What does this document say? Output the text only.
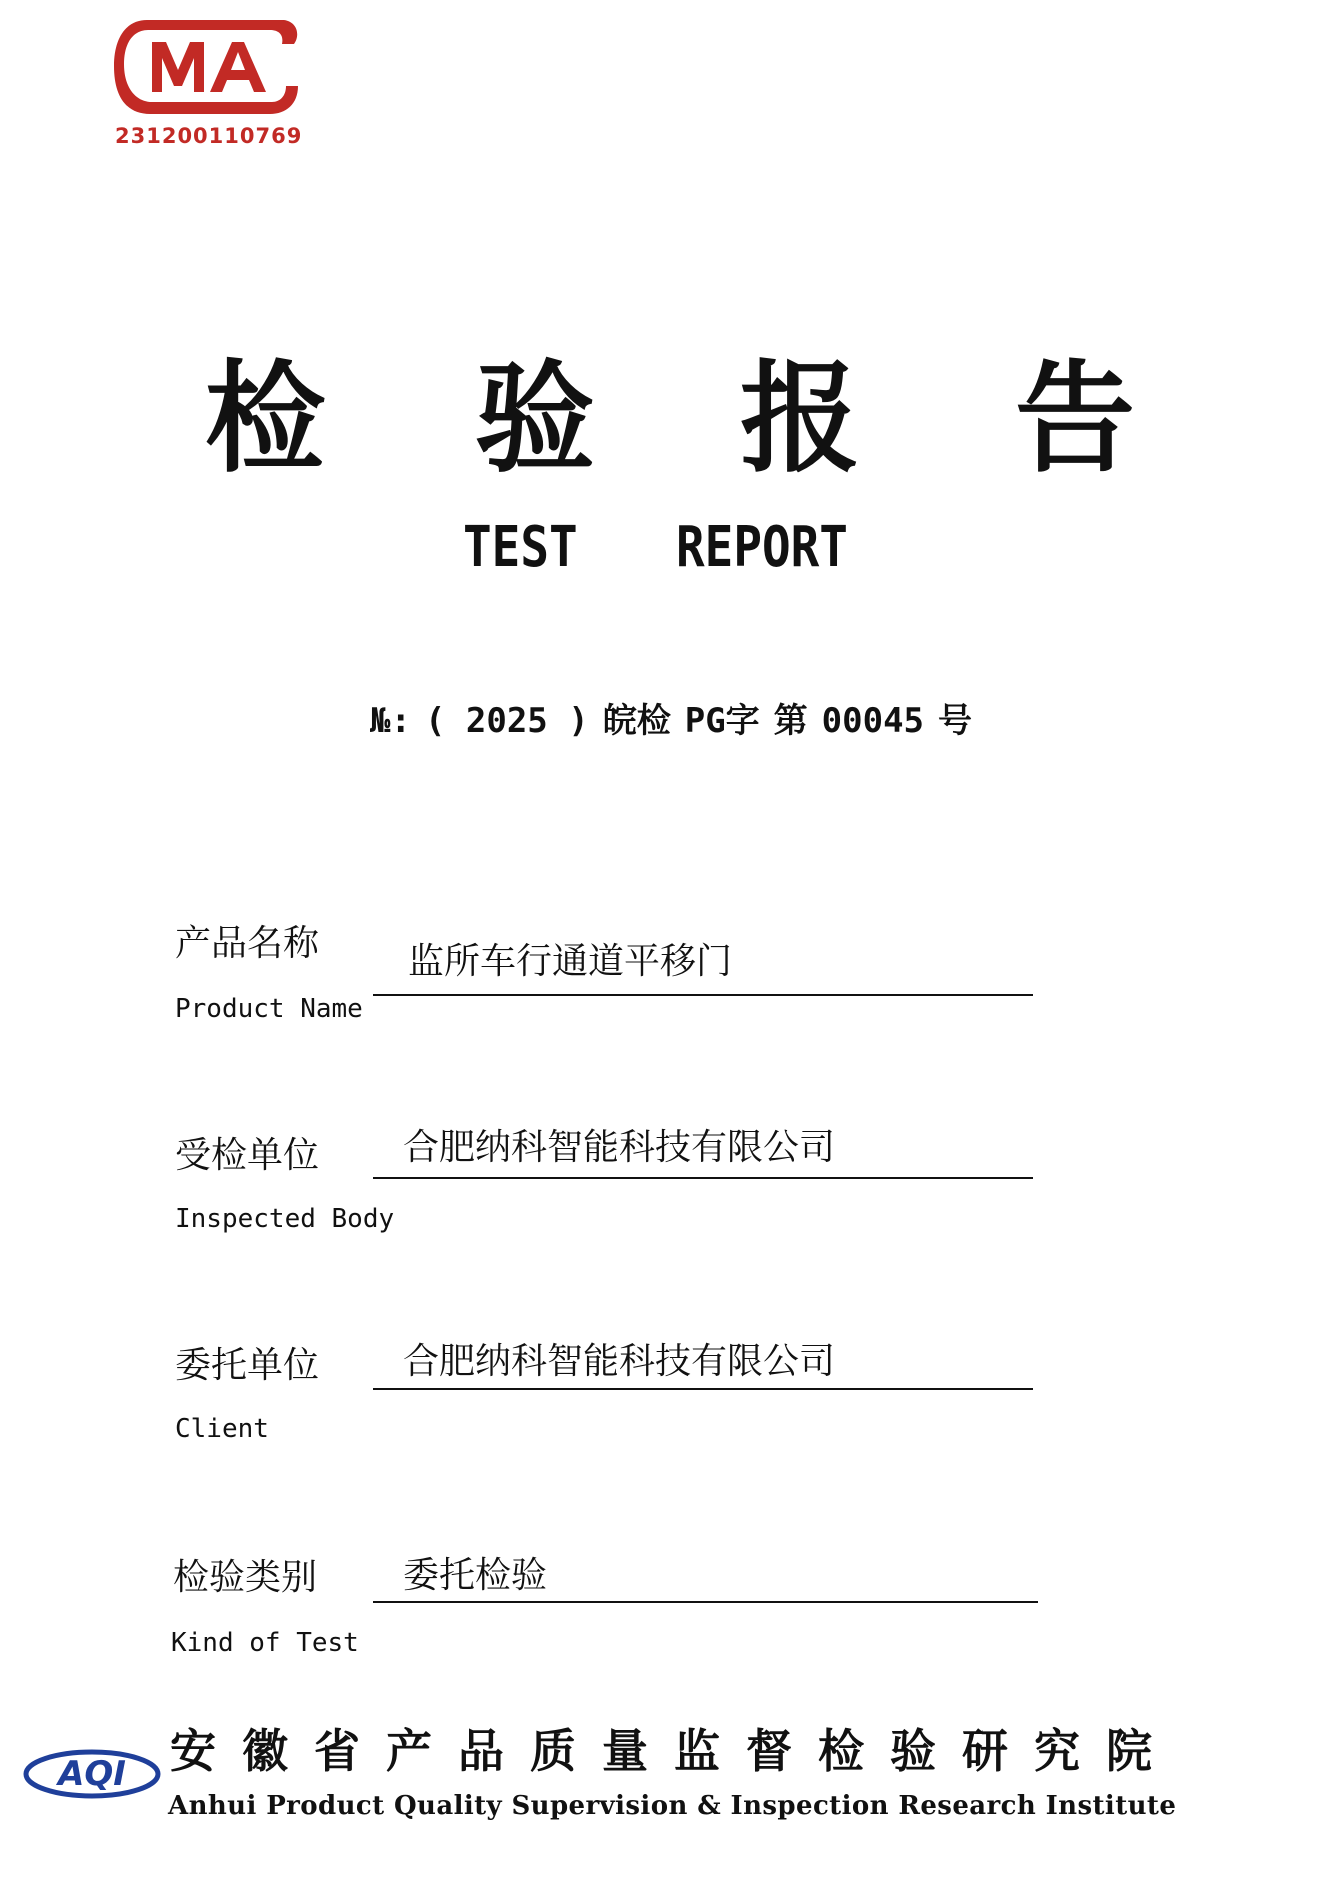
231200110769
检 验 报 告
TEST REPORT
№: ( 2025 ) 皖检 PG字 第 00045 号
产品名称
Product Name
监所车行通道平移门
受检单位
Inspected Body
合肥纳科智能科技有限公司
委托单位
Client
合肥纳科智能科技有限公司
检验类别
Kind of Test
委托检验
AQI 安 徽 省 产 品 质 量 监 督 检 验 研 究 院
Anhui Product Quality Supervision & Inspection Research Institute
